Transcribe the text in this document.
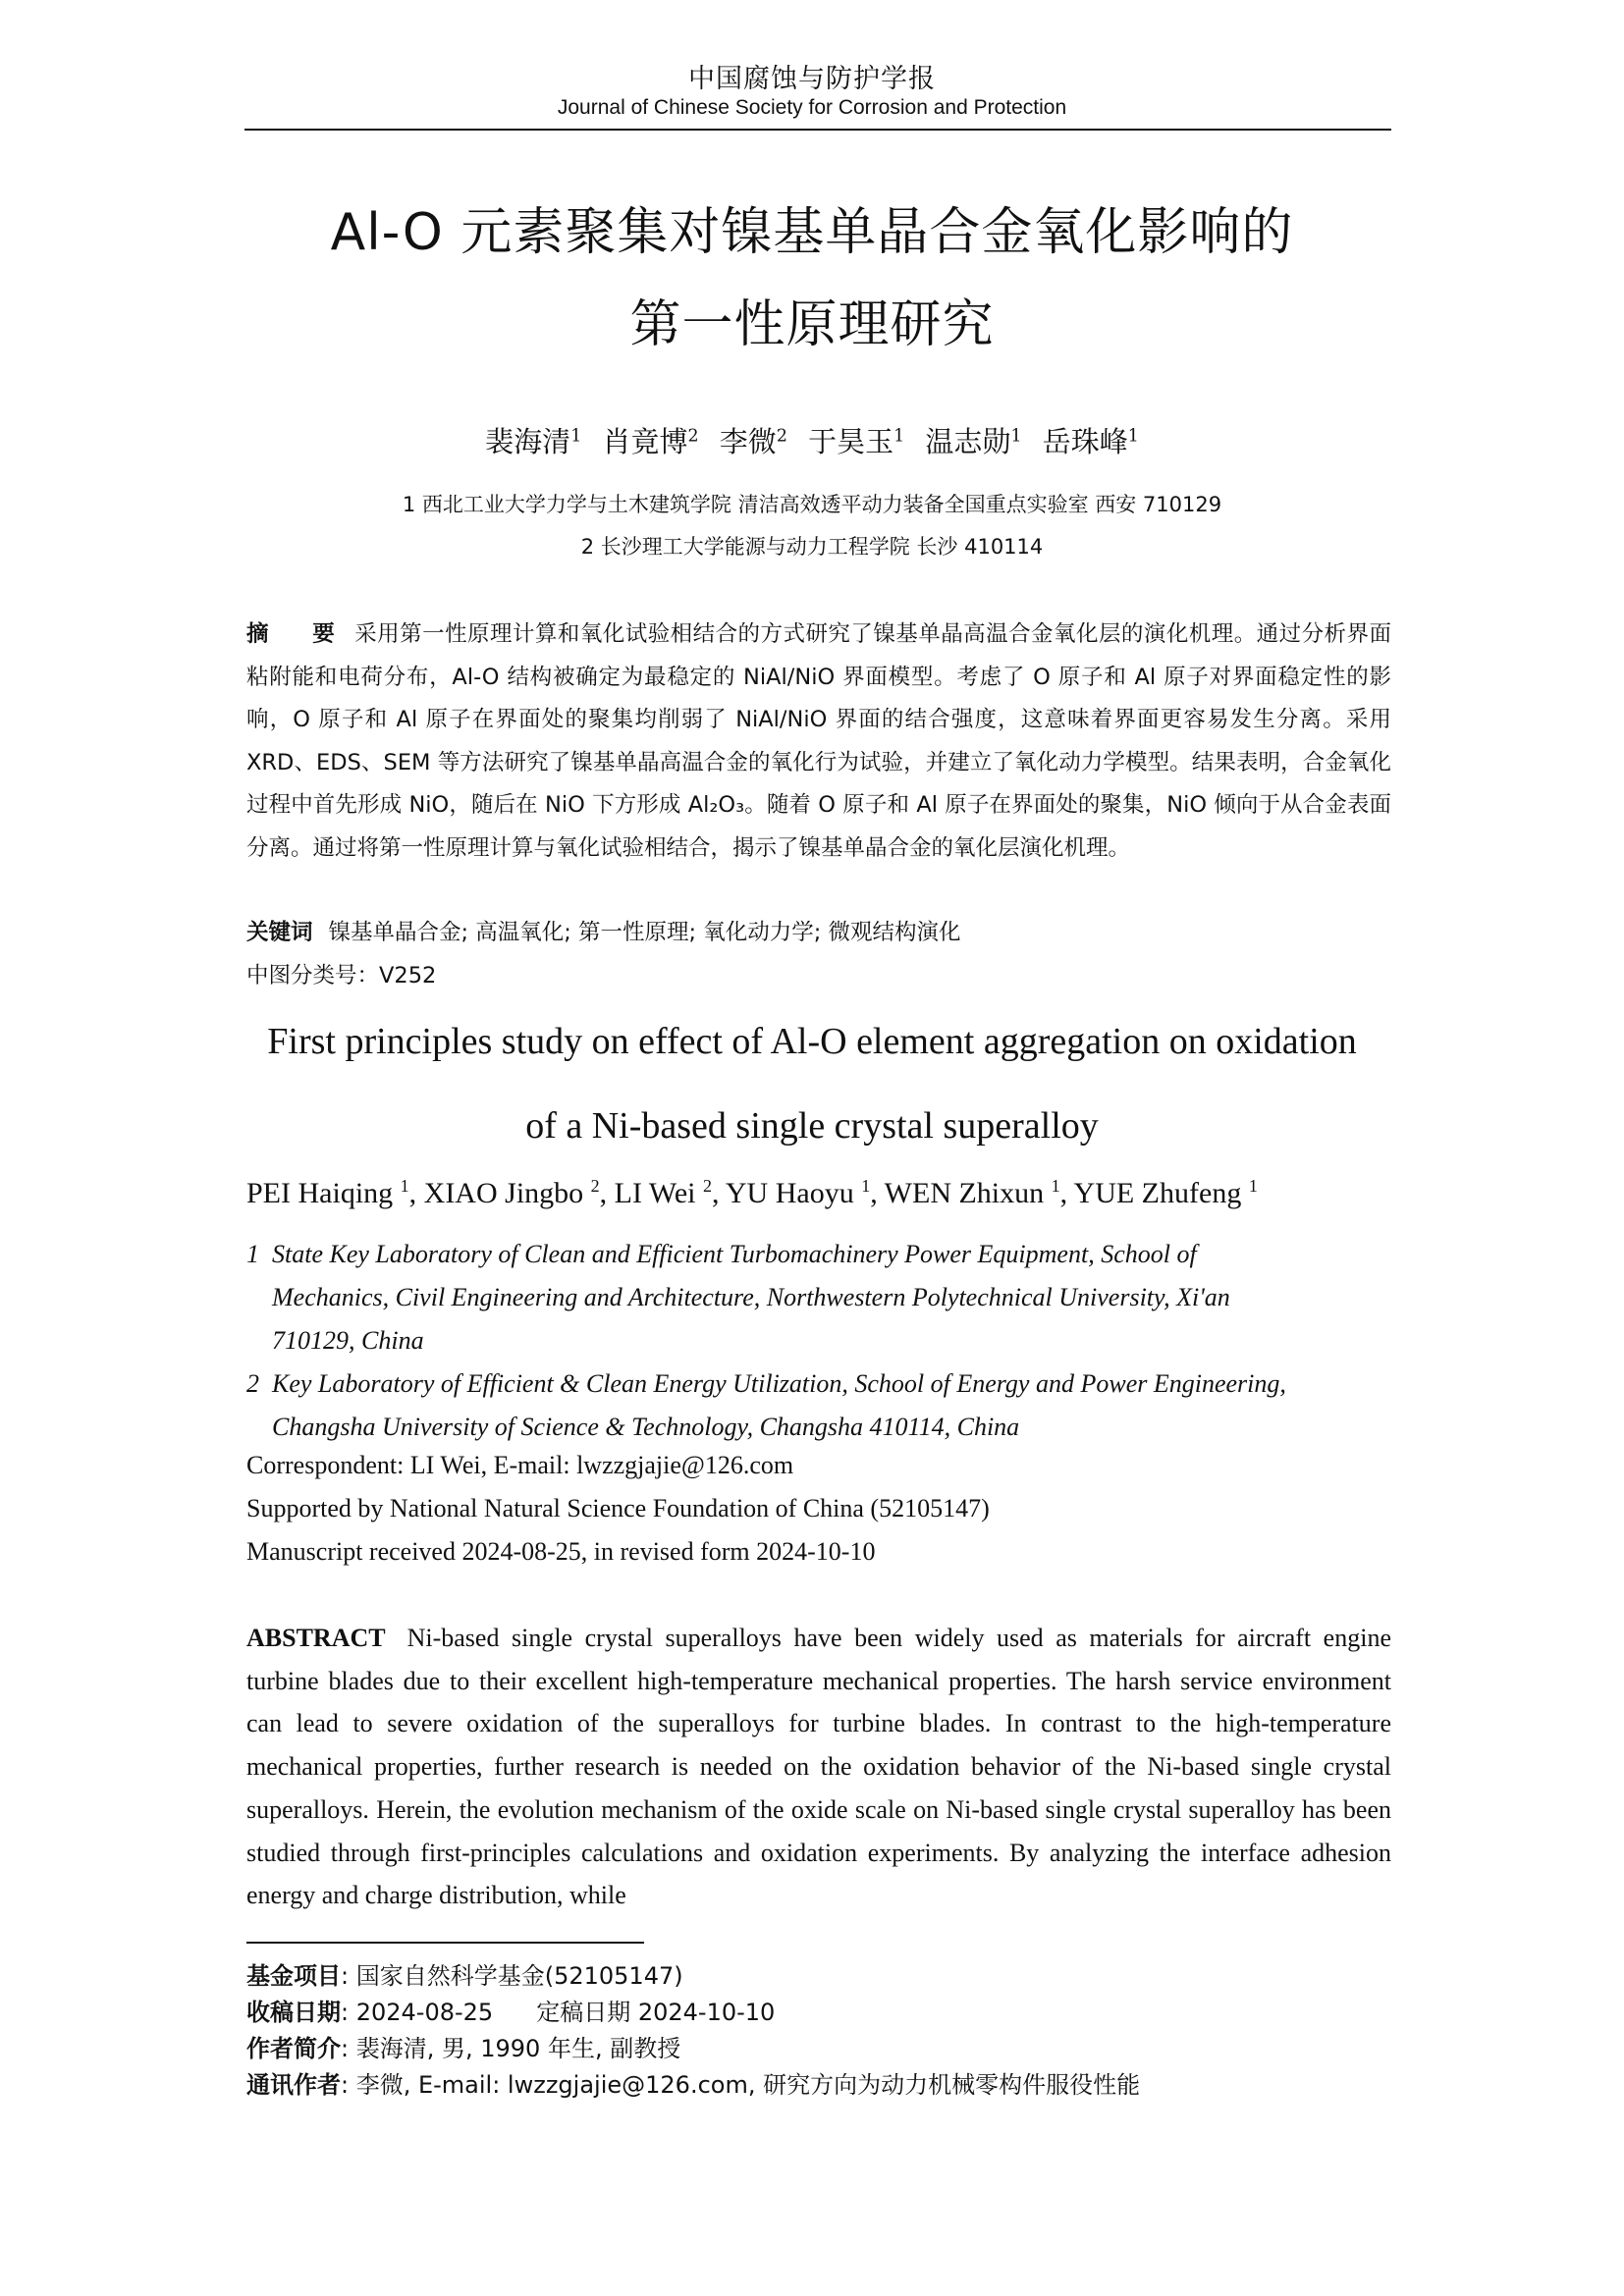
中国腐蚀与防护学报
Journal of Chinese Society for Corrosion and Protection
Al-O 元素聚集对镍基单晶合金氧化影响的
第一性原理研究
裴海清$^1$ 肖竟博$^2$ 李微$^2$ 于昊玉$^1$ 温志勋$^1$ 岳珠峰$^1$
1 西北工业大学力学与土木建筑学院 清洁高效透平动力装备全国重点实验室 西安 710129
2 长沙理工大学能源与动力工程学院 长沙 410114
摘 要采用第一性原理计算和氧化试验相结合的方式研究了镍基单晶高温合金氧化层的演化机理。通过分析界面粘附能和电荷分布，Al-O 结构被确定为最稳定的 NiAl/NiO 界面模型。考虑了 O 原子和 Al 原子对界面稳定性的影响，O 原子和 Al 原子在界面处的聚集均削弱了 NiAl/NiO 界面的结合强度，这意味着界面更容易发生分离。采用 XRD、EDS、SEM 等方法研究了镍基单晶高温合金的氧化行为试验，并建立了氧化动力学模型。结果表明，合金氧化过程中首先形成 NiO，随后在 NiO 下方形成 Al₂O₃。随着 O 原子和 Al 原子在界面处的聚集，NiO 倾向于从合金表面分离。通过将第一性原理计算与氧化试验相结合，揭示了镍基单晶合金的氧化层演化机理。
关键词 镍基单晶合金; 高温氧化; 第一性原理; 氧化动力学; 微观结构演化
中图分类号：V252
First principles study on effect of Al-O element aggregation on oxidation
of a Ni-based single crystal superalloy
PEI Haiqing $^1$, XIAO Jingbo $^2$, LI Wei $^2$, YU Haoyu $^1$, WEN Zhixun $^1$, YUE Zhufeng $^1$
1 State Key Laboratory of Clean and Efficient Turbomachinery Power Equipment, School of
Mechanics, Civil Engineering and Architecture, Northwestern Polytechnical University, Xi'an
710129, China
2 Key Laboratory of Efficient & Clean Energy Utilization, School of Energy and Power Engineering,
Changsha University of Science & Technology, Changsha 410114, China
Correspondent: LI Wei, E-mail: lwzzgjajie@126.com
Supported by National Natural Science Foundation of China (52105147)
Manuscript received 2024-08-25, in revised form 2024-10-10
ABSTRACT Ni-based single crystal superalloys have been widely used as materials for aircraft engine turbine blades due to their excellent high-temperature mechanical properties. The harsh service environment can lead to severe oxidation of the superalloys for turbine blades. In contrast to the high-temperature mechanical properties, further research is needed on the oxidation behavior of the Ni-based single crystal superalloys. Herein, the evolution mechanism of the oxide scale on Ni-based single crystal superalloy has been studied through first-principles calculations and oxidation experiments. By analyzing the interface adhesion energy and charge distribution, while
基金项目: 国家自然科学基金(52105147)
收稿日期: 2024-08-25 定稿日期 2024-10-10
作者简介: 裴海清, 男, 1990 年生, 副教授
通讯作者: 李微, E-mail: lwzzgjajie@126.com, 研究方向为动力机械零构件服役性能
